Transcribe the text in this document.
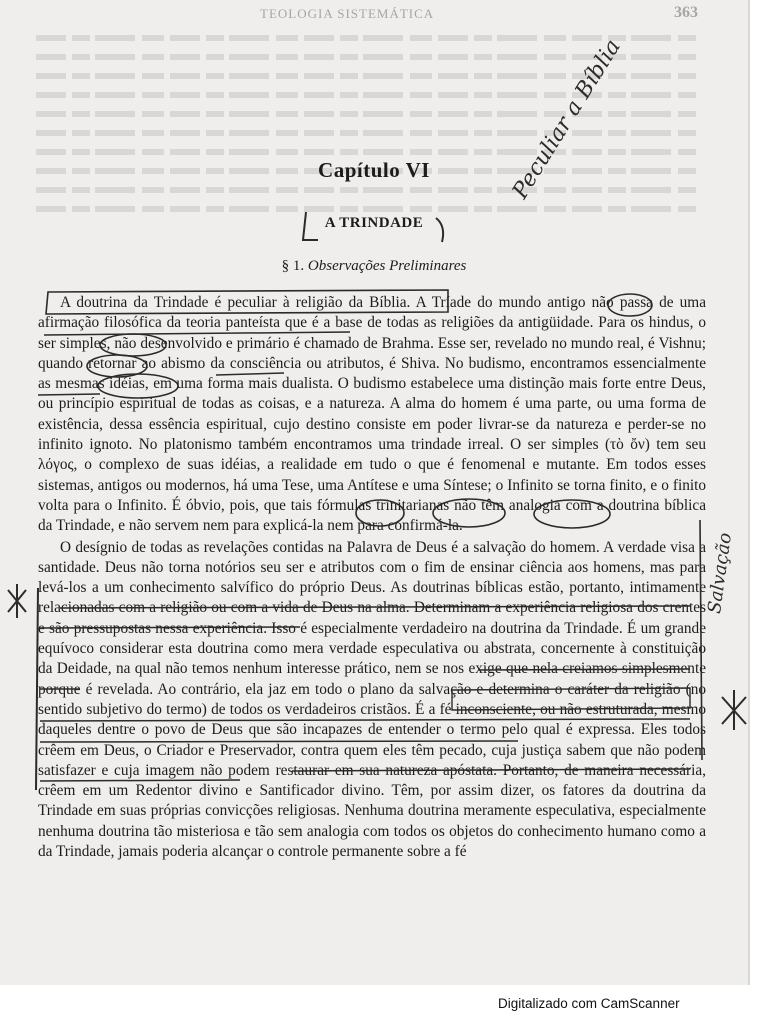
TEOLOGIA SISTEMÁTICA	363
Capítulo VI
A TRINDADE
§ 1. Observações Preliminares

A doutrina da Trindade é peculiar à religião da Bíblia. A Tríade do mundo antigo não passa de uma afirmação filosófica da teoria panteísta que é a base de todas as religiões da antigüidade. Para os hindus, o ser simples, não desenvolvido e primário é chamado de Brahma. Esse ser, revelado no mundo real, é Vishnu; quando retornar ao abismo da consciência ou atributos, é Shiva. No budismo, encontramos essencialmente as mesmas idéias, em uma forma mais dualista. O budismo estabelece uma distinção mais forte entre Deus, ou princípio espiritual de todas as coisas, e a natureza. A alma do homem é uma parte, ou uma forma de existência, dessa essência espiritual, cujo destino consiste em poder livrar-se da natureza e perder-se no infinito ignoto. No platonismo também encontramos uma trindade irreal. O ser simples (τὸ ὄν) tem seu λόγος, o complexo de suas idéias, a realidade em tudo o que é fenomenal e mutante. Em todos esses sistemas, antigos ou modernos, há uma Tese, uma Antítese e uma Síntese; o Infinito se torna finito, e o finito volta para o Infinito. É óbvio, pois, que tais fórmulas trinitarianas não têm analogia com a doutrina bíblica da Trindade, e não servem nem para explicá-la nem para confirmá-la.

O desígnio de todas as revelações contidas na Palavra de Deus é a salvação do homem. A verdade visa a santidade. Deus não torna notórios seu ser e atributos com o fim de ensinar ciência aos homens, mas para levá-los a um conhecimento salvífico do próprio Deus. As doutrinas bíblicas estão, portanto, intimamente relacionadas com a religião ou com a vida de Deus na alma. Determinam a experiência religiosa dos crentes e são pressupostas nessa experiência. Isso é especialmente verdadeiro na doutrina da Trindade. É um grande equívoco considerar esta doutrina como mera verdade especulativa ou abstrata, concernente à constituição da Deidade, na qual não temos nenhum interesse prático, nem se nos exige que nela creiamos simplesmente porque é revelada. Ao contrário, ela jaz em todo o plano da salvação e determina o caráter da religião (no sentido subjetivo do termo) de todos os verdadeiros cristãos. É a fé inconsciente, ou não estruturada, mesmo daqueles dentre o povo de Deus que são incapazes de entender o termo pelo qual é expressa. Eles todos crêem em Deus, o Criador e Preservador, contra quem eles têm pecado, cuja justiça sabem que não podem satisfazer e cuja imagem não podem restaurar em sua natureza apóstata. Portanto, de maneira necessária, crêem em um Redentor divino e Santificador divino. Têm, por assim dizer, os fatores da doutrina da Trindade em suas próprias convicções religiosas. Nenhuma doutrina meramente especulativa, especialmente nenhuma doutrina tão misteriosa e tão sem analogia com todos os objetos do conhecimento humano como a da Trindade, jamais poderia alcançar o controle permanente sobre a fé

Peculiar a Bíblia
Salvação
Digitalizado com CamScanner
